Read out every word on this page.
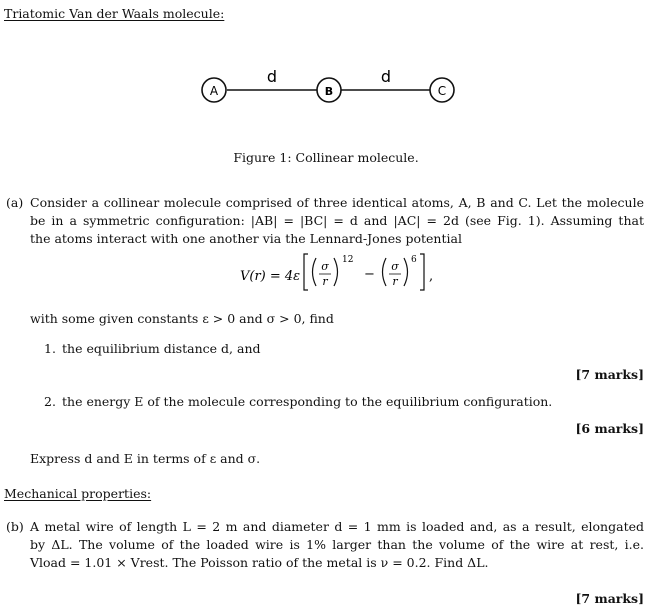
Triatomic Van der Waals molecule:
A	B	C
d	d
Figure 1: Collinear molecule.
(a) Consider a collinear molecule comprised of three identical atoms, A, B and C. Let the molecule
be in a symmetric configuration: |AB| = |BC| = d and |AC| = 2d (see Fig. 1). Assuming that
the atoms interact with one another via the Lennard-Jones potential
V(r) = 4ε
σ
r
12
−
σ
r
6
,
with some given constants ε > 0 and σ > 0, find
1. the equilibrium distance d, and
[7 marks]
2. the energy E of the molecule corresponding to the equilibrium configuration.
[6 marks]
Express d and E in terms of ε and σ.
Mechanical properties:
(b) A metal wire of length L = 2 m and diameter d = 1 mm is loaded and, as a result, elongated
by ΔL. The volume of the loaded wire is 1% larger than the volume of the wire at rest, i.e.
Vload = 1.01 × Vrest. The Poisson ratio of the metal is ν = 0.2. Find ΔL.
[7 marks]
